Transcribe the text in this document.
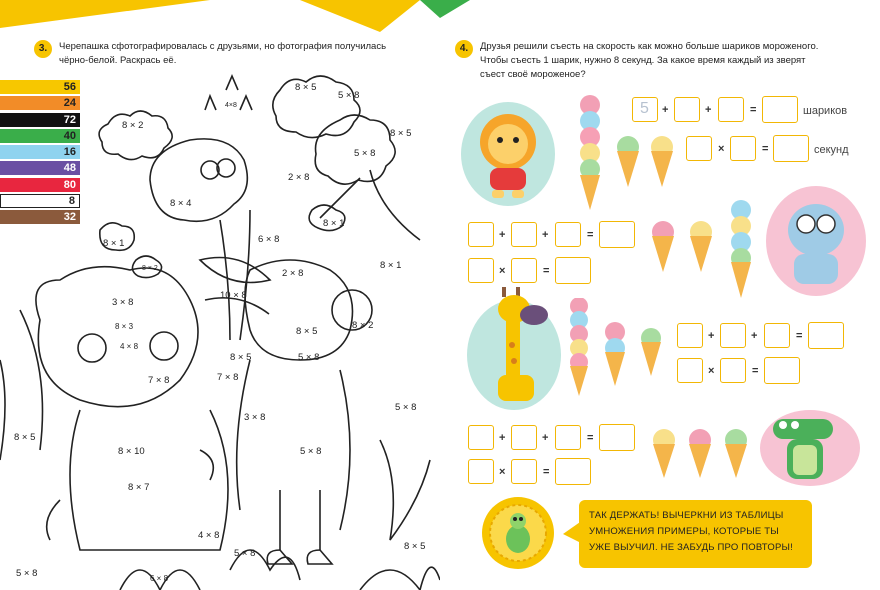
3.	Черепашка сфотографировалась с друзьями, но фотография получилась
чёрно-белой. Раскрась её.
56
24
72
40
16
48
80
8
32
8 × 2
4×8
8 × 5
5 × 8
8 × 5
8 × 4
5 × 8
2 × 8
8 × 1
8 × 1
8 × 2
6 × 8
8 × 1
2 × 8
3 × 8
10 × 8
8 × 5
8 × 3
4 × 8
7 × 8
8 × 5	5 × 8
7 × 8
3 × 8
5 × 8
8 × 5
8 × 10
8 × 7
4 × 8
5 × 8
8 × 5
5 × 8
5 × 8	6 × 8
8 × 2
4.	Друзья решили съесть на скорость как можно больше шариков мороженого.
Чтобы съесть 1 шарик, нужно 8 секунд. За какое время каждый из зверят
съест своё мороженое?
5 +	+	=	шариков
×	=	секунд
+	+	=
×	=
+	+	=
×	=
+	+	=
×	=
ТАК ДЕРЖАТЬ! ВЫЧЕРКНИ ИЗ ТАБЛИЦЫ
УМНОЖЕНИЯ ПРИМЕРЫ, КОТОРЫЕ ТЫ
УЖЕ ВЫУЧИЛ. НЕ ЗАБУДЬ ПРО ПОВТОРЫ!
